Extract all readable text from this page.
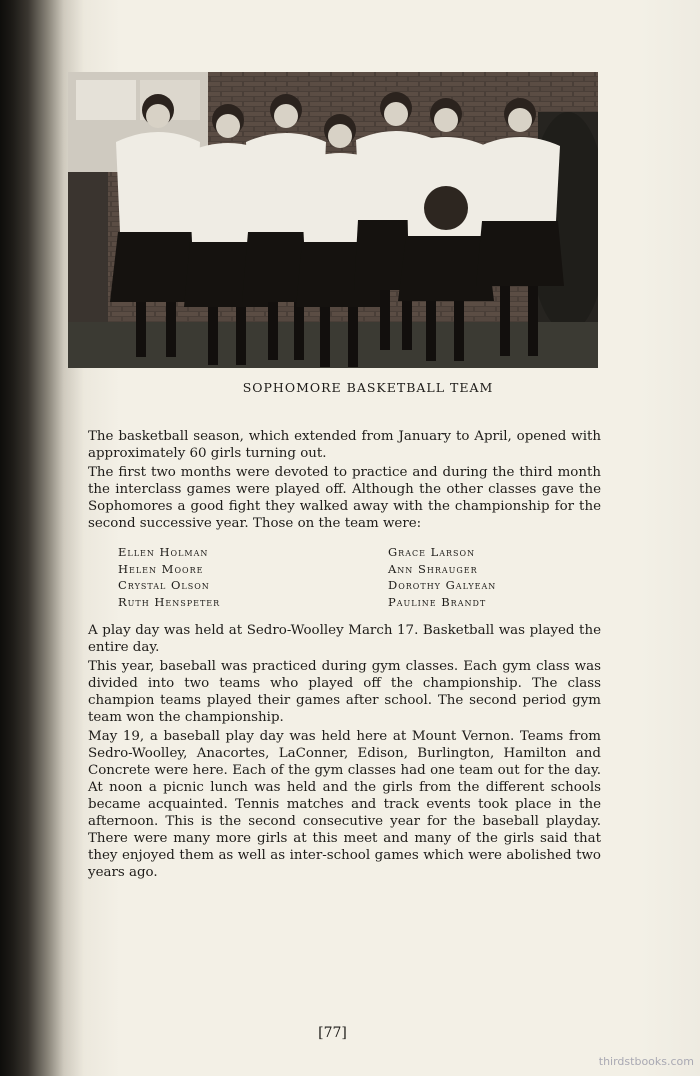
SOPHOMORE BASKETBALL TEAM

The basketball season, which extended from January to April, opened with approximately 60 girls turning out.

The first two months were devoted to practice and during the third month the interclass games were played off. Although the other classes gave the Sophomores a good fight they walked away with the championship for the second successive year. Those on the team were:

Ellen Holman
Helen Moore
Crystal Olson
Ruth Henspeter
Grace Larson
Ann Shrauger
Dorothy Galyean
Pauline Brandt

A play day was held at Sedro-Woolley March 17. Basketball was played the entire day.

This year, baseball was practiced during gym classes. Each gym class was divided into two teams who played off the championship. The class champion teams played their games after school. The second period gym team won the championship.

May 19, a baseball play day was held here at Mount Vernon. Teams from Sedro-Woolley, Anacortes, LaConner, Edison, Burlington, Hamilton and Concrete were here. Each of the gym classes had one team out for the day. At noon a picnic lunch was held and the girls from the different schools became acquainted. Tennis matches and track events took place in the afternoon. This is the second consecutive year for the baseball playday. There were many more girls at this meet and many of the girls said that they enjoyed them as well as inter-school games which were abolished two years ago.

[77]
thirdstbooks.com
